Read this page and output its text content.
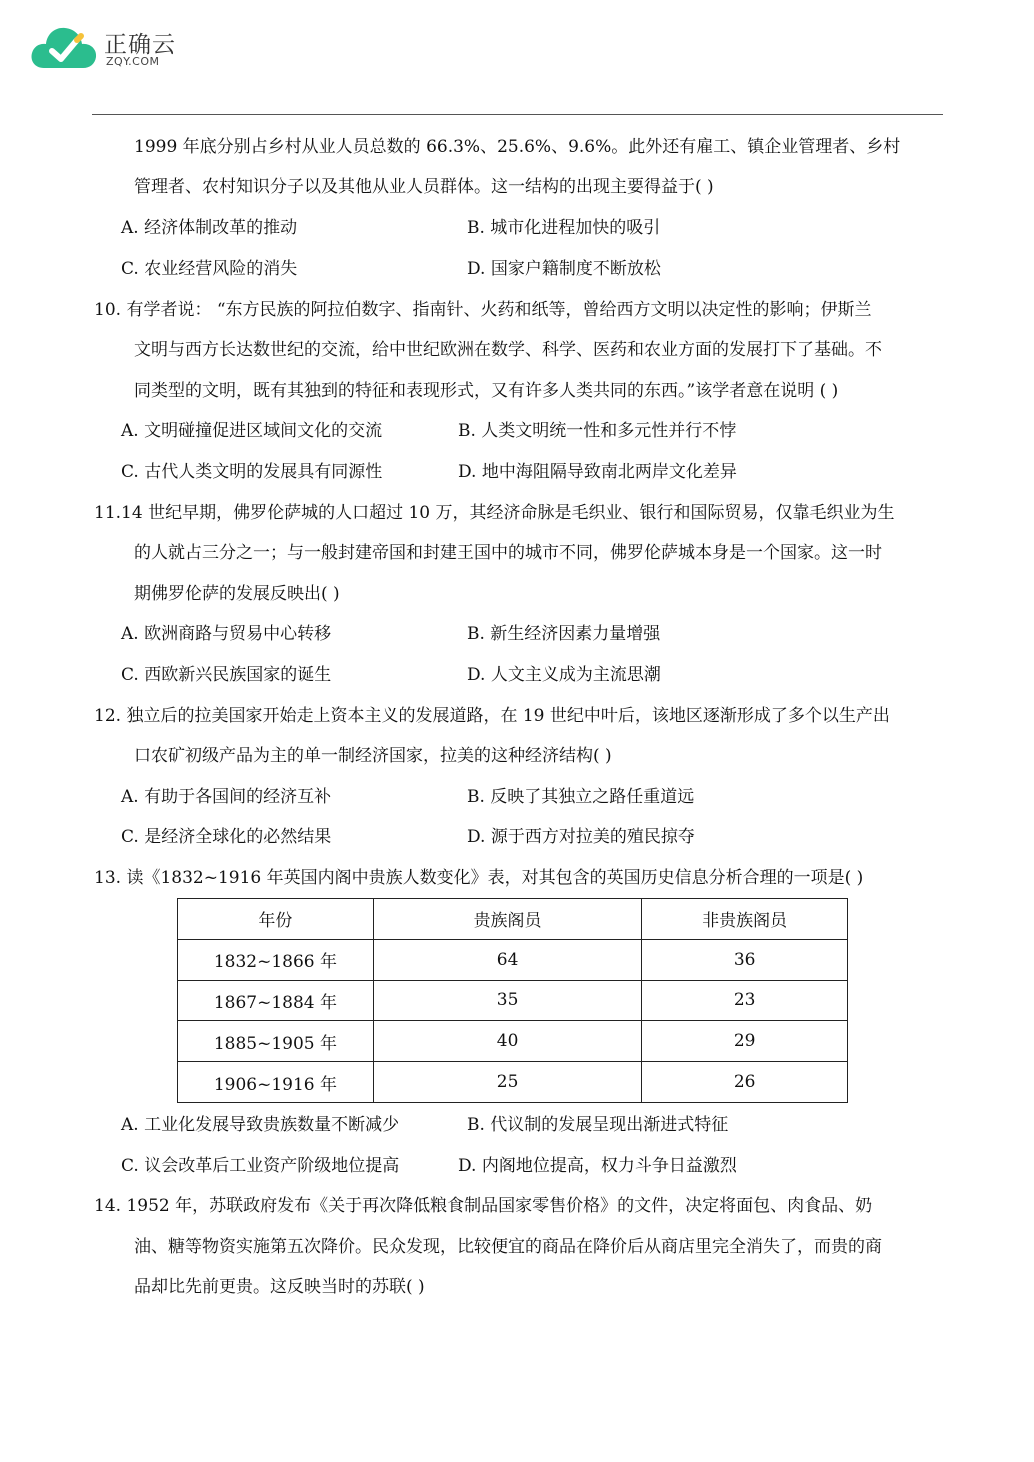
正确云
ZQY.COM
1999 年底分别占乡村从业人员总数的 66.3%、25.6%、9.6%。此外还有雇工、镇企业管理者、乡村
管理者、农村知识分子以及其他从业人员群体。这一结构的出现主要得益于( )
A. 经济体制改革的推动	B. 城市化进程加快的吸引
C. 农业经营风险的消失	D. 国家户籍制度不断放松
10. 有学者说： “东方民族的阿拉伯数字、指南针、火药和纸等，曾给西方文明以决定性的影响；伊斯兰
文明与西方长达数世纪的交流，给中世纪欧洲在数学、科学、医药和农业方面的发展打下了基础。不
同类型的文明，既有其独到的特征和表现形式，又有许多人类共同的东西。”该学者意在说明 ( )
A. 文明碰撞促进区域间文化的交流	B. 人类文明统一性和多元性并行不悖
C. 古代人类文明的发展具有同源性	D. 地中海阻隔导致南北两岸文化差异
11.14 世纪早期，佛罗伦萨城的人口超过 10 万，其经济命脉是毛织业、银行和国际贸易，仅靠毛织业为生
的人就占三分之一；与一般封建帝国和封建王国中的城市不同，佛罗伦萨城本身是一个国家。这一时
期佛罗伦萨的发展反映出( )
A. 欧洲商路与贸易中心转移	B. 新生经济因素力量增强
C. 西欧新兴民族国家的诞生	D. 人文主义成为主流思潮
12. 独立后的拉美国家开始走上资本主义的发展道路，在 19 世纪中叶后，该地区逐渐形成了多个以生产出
口农矿初级产品为主的单一制经济国家，拉美的这种经济结构( )
A. 有助于各国间的经济互补	B. 反映了其独立之路任重道远
C. 是经济全球化的必然结果	D. 源于西方对拉美的殖民掠夺
13. 读《1832~1916 年英国内阁中贵族人数变化》表，对其包含的英国历史信息分析合理的一项是( )
年份	贵族阁员	非贵族阁员
1832~1866 年	64	36
1867~1884 年	35	23
1885~1905 年	40	29
1906~1916 年	25	26
A. 工业化发展导致贵族数量不断减少	B. 代议制的发展呈现出渐进式特征
C. 议会改革后工业资产阶级地位提高	D. 内阁地位提高，权力斗争日益激烈
14. 1952 年，苏联政府发布《关于再次降低粮食制品国家零售价格》的文件，决定将面包、肉食品、奶
油、糖等物资实施第五次降价。民众发现，比较便宜的商品在降价后从商店里完全消失了，而贵的商
品却比先前更贵。这反映当时的苏联( )
